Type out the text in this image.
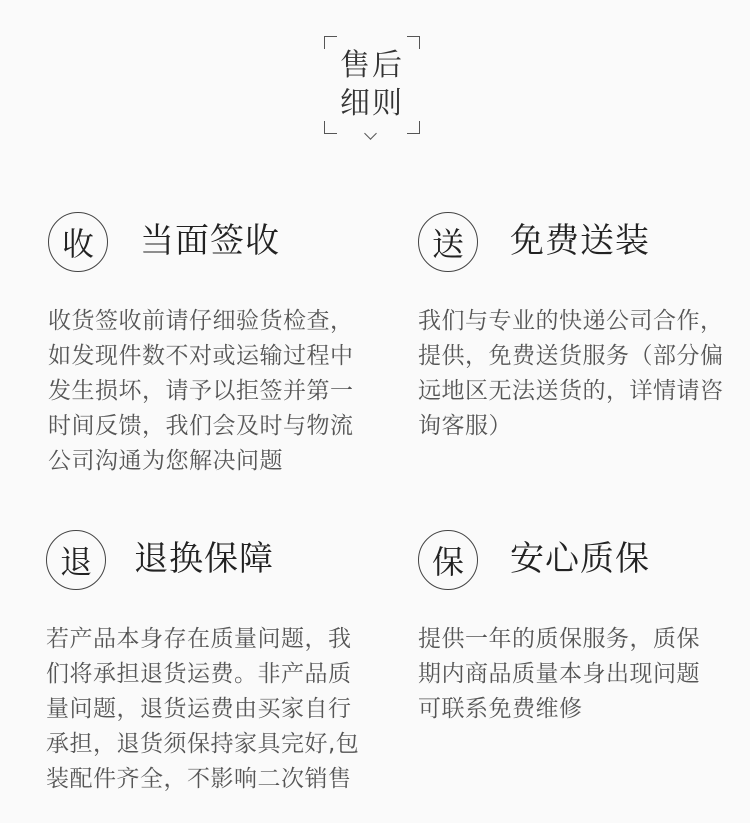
售后
细则
收	当面签收
收货签收前请仔细验货检查，如发现件数不对或运输过程中发生损坏，请予以拒签并第一时间反馈，我们会及时与物流公司沟通为您解决问题
送	免费送装
我们与专业的快递公司合作，提供，免费送货服务（部分偏远地区无法送货的，详情请咨询客服）
退	退换保障
若产品本身存在质量问题，我们将承担退货运费。非产品质量问题，退货运费由买家自行承担，退货须保持家具完好,包装配件齐全，不影响二次销售
保	安心质保
提供一年的质保服务，质保期内商品质量本身出现问题可联系免费维修
